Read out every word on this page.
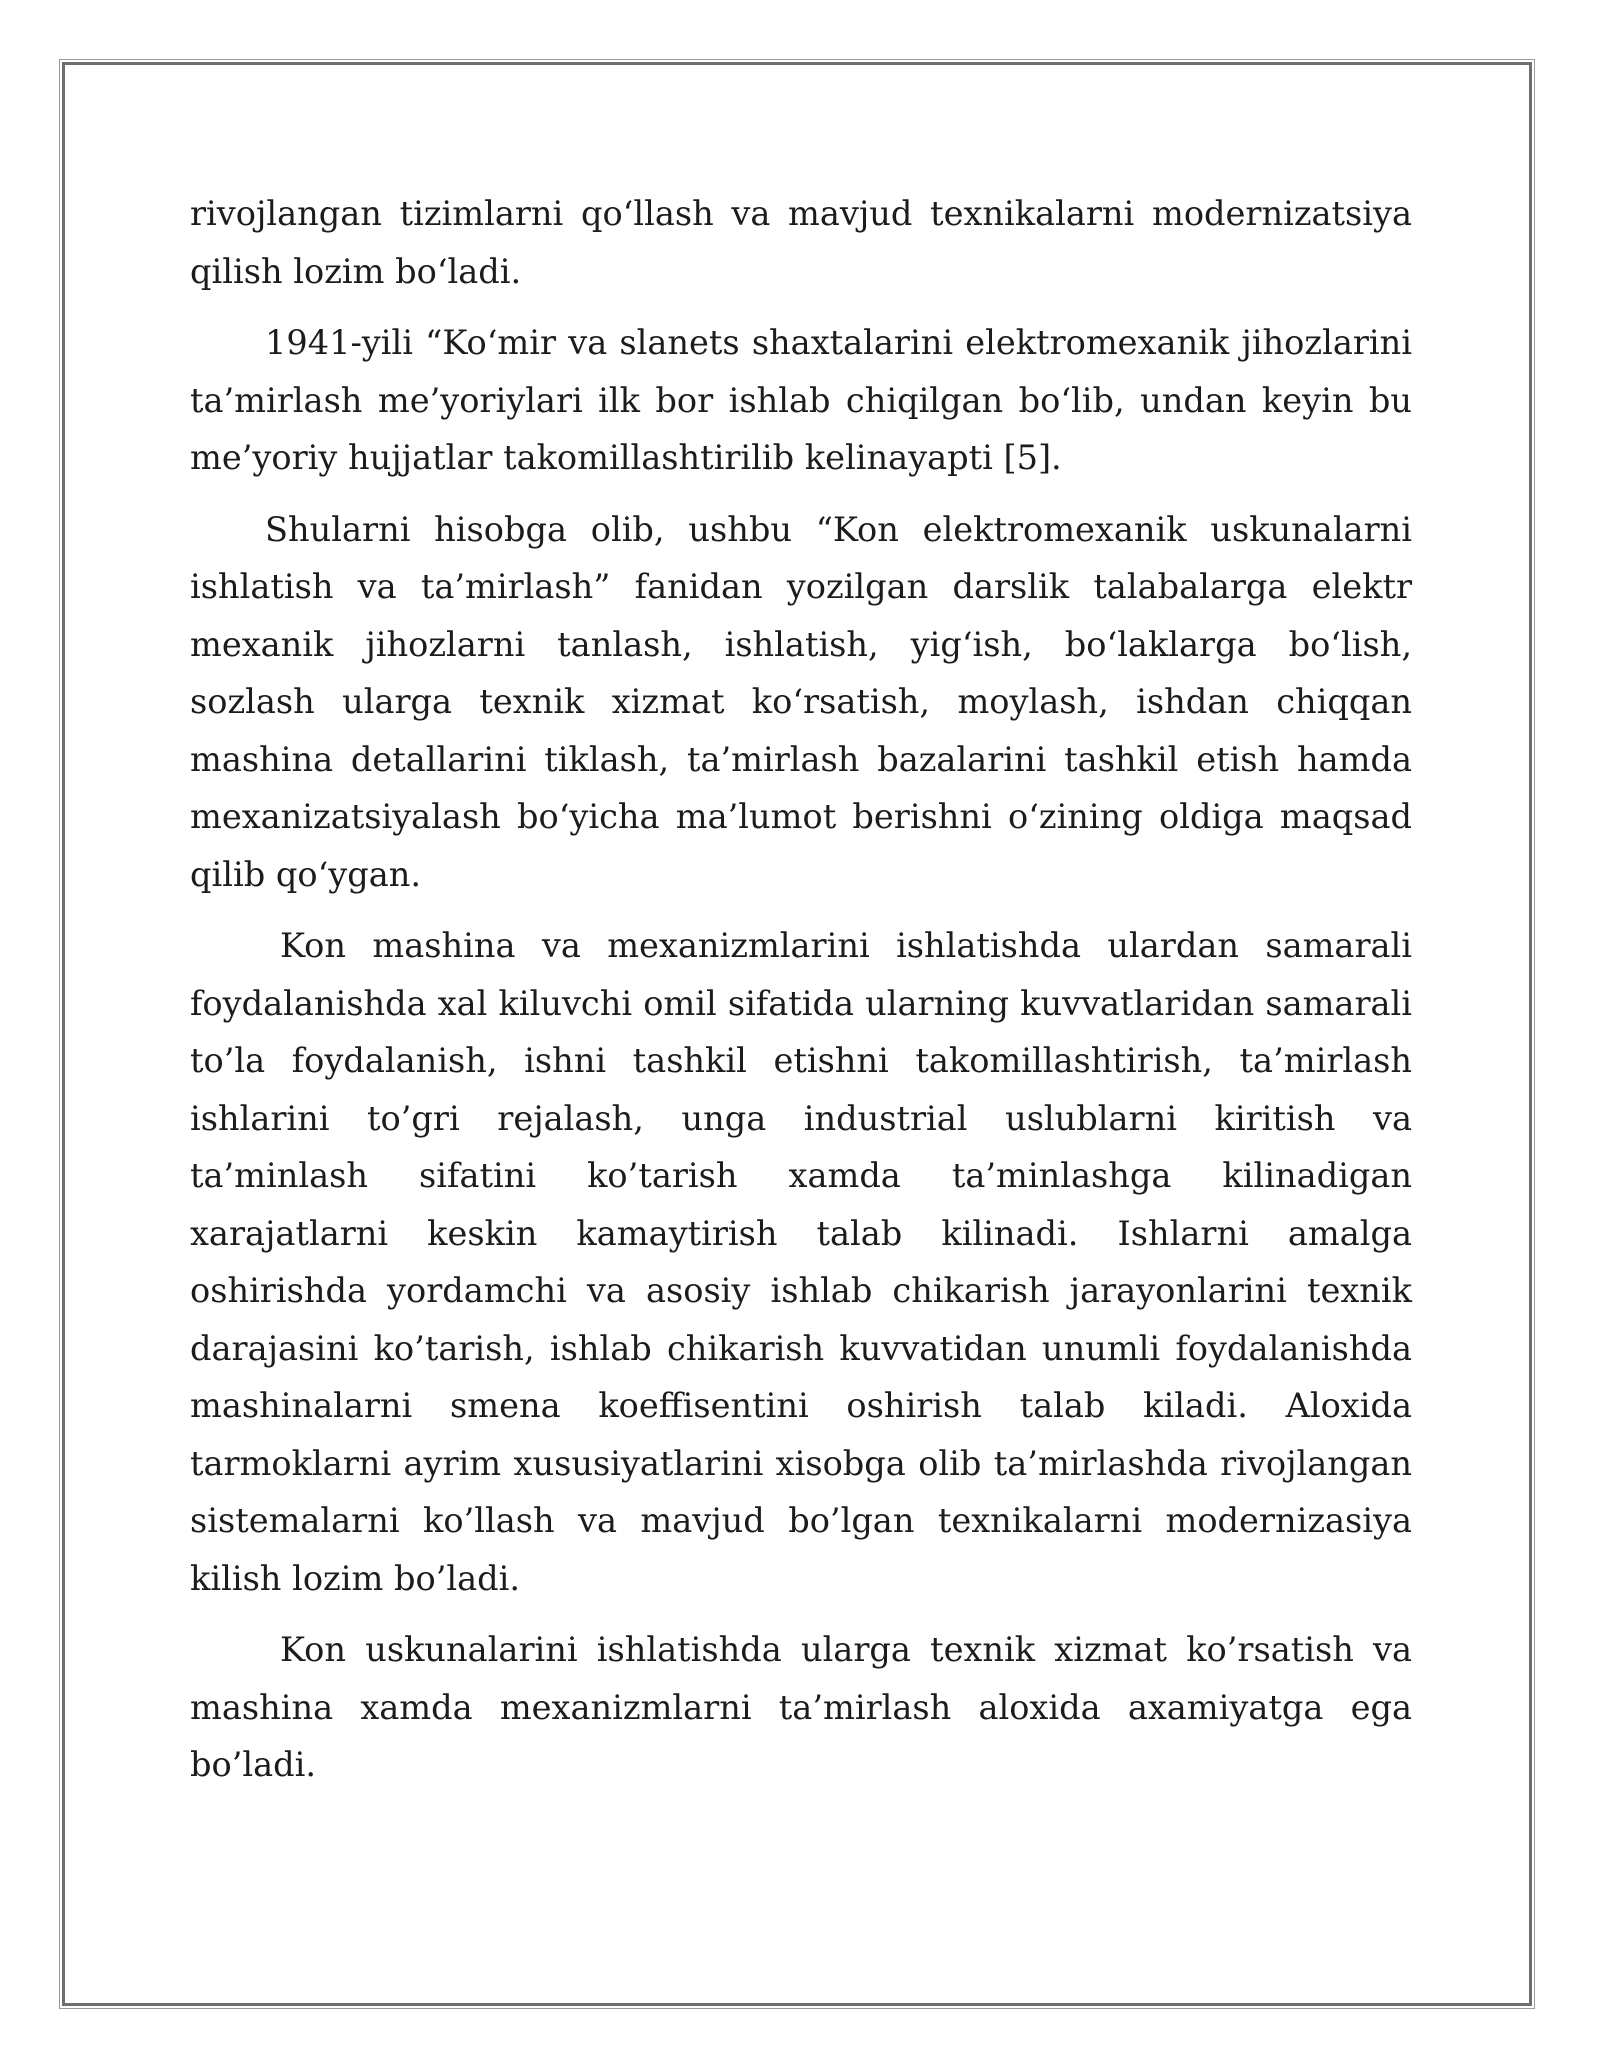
rivojlangan tizimlarni qo‘llash va mavjud texnikalarni modernizatsiya qilish lozim bo‘ladi.

1941-yili “Ko‘mir va slanets shaxtalarini elektromexanik jihozlarini ta’mirlash me’yoriylari ilk bor ishlab chiqilgan bo‘lib, undan keyin bu me’yoriy hujjatlar takomillashtirilib kelinayapti [5].

Shularni hisobga olib, ushbu “Kon elektromexanik uskunalarni ishlatish va ta’mirlash” fanidan yozilgan darslik talabalarga elektr mexanik jihozlarni tanlash, ishlatish, yig‘ish, bo‘laklarga bo‘lish, sozlash ularga texnik xizmat ko‘rsatish, moylash, ishdan chiqqan mashina detallarini tiklash, ta’mirlash bazalarini tashkil etish hamda mexanizatsiyalash bo‘yicha ma’lumot berishni o‘zining oldiga maqsad qilib qo‘ygan.

Kon mashina va mexanizmlarini ishlatishda ulardan samarali foydalanishda xal kiluvchi omil sifatida ularning kuvvatlaridan samarali to’la foydalanish, ishni tashkil etishni takomillashtirish, ta’mirlash ishlarini to’gri rejalash, unga industrial uslublarni kiritish va ta’minlash sifatini ko’tarish xamda ta’minlashga kilinadigan xarajatlarni keskin kamaytirish talab kilinadi. Ishlarni amalga oshirishda yordamchi va asosiy ishlab chikarish jarayonlarini texnik darajasini ko’tarish, ishlab chikarish kuvvatidan unumli foydalanishda mashinalarni smena koeffisentini oshirish talab kiladi. Aloxida tarmoklarni ayrim xususiyatlarini xisobga olib ta’mirlashda rivojlangan sistemalarni ko’llash va mavjud bo’lgan texnikalarni modernizasiya kilish lozim bo’ladi.

Kon uskunalarini ishlatishda ularga texnik xizmat ko’rsatish va mashina xamda mexanizmlarni ta’mirlash aloxida axamiyatga ega bo’ladi.
